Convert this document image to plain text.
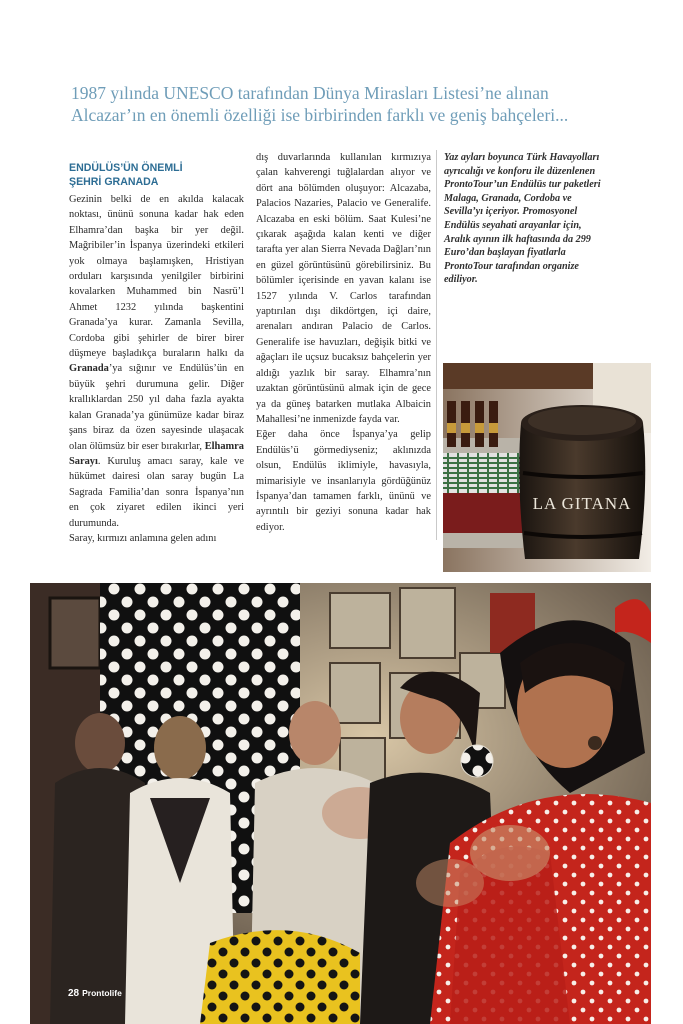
1987 yılında UNESCO tarafından Dünya Mirasları Listesi’ne alınan
Alcazar’ın en önemli özelliği ise birbirinden farklı ve geniş bahçeleri...
ENDÜLÜS’ÜN ÖNEMLİ
ŞEHRİ GRANADA

Gezinin belki de en akılda kalacak noktası, ününü sonuna kadar hak eden Elhamra’dan başka bir yer değil. Mağribiler’in İspanya üzerindeki etkileri yok olmaya başlamışken, Hristiyan orduları karşısında yenilgiler birbirini kovalarken Muhammed bin Nasrü’l Ahmet 1232 yılında başkentini Granada’ya kurar. Zamanla Sevilla, Cordoba gibi şehirler de birer birer düşmeye başladıkça buraların halkı da Granada’ya sığınır ve Endülüs’ün en büyük şehri durumuna gelir. Diğer krallıklardan 250 yıl daha fazla ayakta kalan Granada’ya günümüze kadar biraz şans biraz da özen sayesinde ulaşacak olan ölümsüz bir eser bırakırlar, Elhamra Sarayı. Kuruluş amacı saray, kale ve hükümet dairesi olan saray bugün La Sagrada Familia’dan sonra İspanya’nın en çok ziyaret edilen ikinci yeri durumunda.

Saray, kırmızı anlamına gelen adını

dış duvarlarında kullanılan kırmızıya çalan kahverengi tuğlalardan alıyor ve dört ana bölümden oluşuyor: Alcazaba, Palacios Nazaries, Palacio ve Generalife. Alcazaba en eski bölüm. Saat Kulesi’ne çıkarak aşağıda kalan kenti ve diğer tarafta yer alan Sierra Nevada Dağları’nın en güzel görüntüsünü görebilirsiniz. Bu bölümler içerisinde en yavan kalanı ise 1527 yılında V. Carlos tarafından yaptırılan dışı dikdörtgen, içi daire, arenaları andıran Palacio de Carlos. Generalife ise havuzları, değişik bitki ve ağaçları ile uçsuz bucaksız bahçelerin yer aldığı yazlık bir saray. Elhamra’nın uzaktan görüntüsünü almak için de gece ya da güneş batarken mutlaka Albaicin Mahallesi’ne inmenizde fayda var.

Eğer daha önce İspanya’ya gelip Endülüs’ü görmediyseniz; aklınızda olsun, Endülüs iklimiyle, havasıyla, mimarisiyle ve insanlarıyla gördüğünüz İspanya’dan tamamen farklı, ününü ve ayrıntılı bir geziyi sonuna kadar hak ediyor.

Yaz ayları boyunca Türk Havayolları ayrıcalığı ve konforu ile düzenlenen ProntoTour’un Endülüs tur paketleri Malaga, Granada, Cordoba ve Sevilla’yı içeriyor. Promosyonel Endülüs seyahati arayanlar için, Aralık ayının ilk haftasında da 299 Euro’dan başlayan fiyatlarla ProntoTour tarafından organize ediliyor.
LA GITANA
28 Prontolife
